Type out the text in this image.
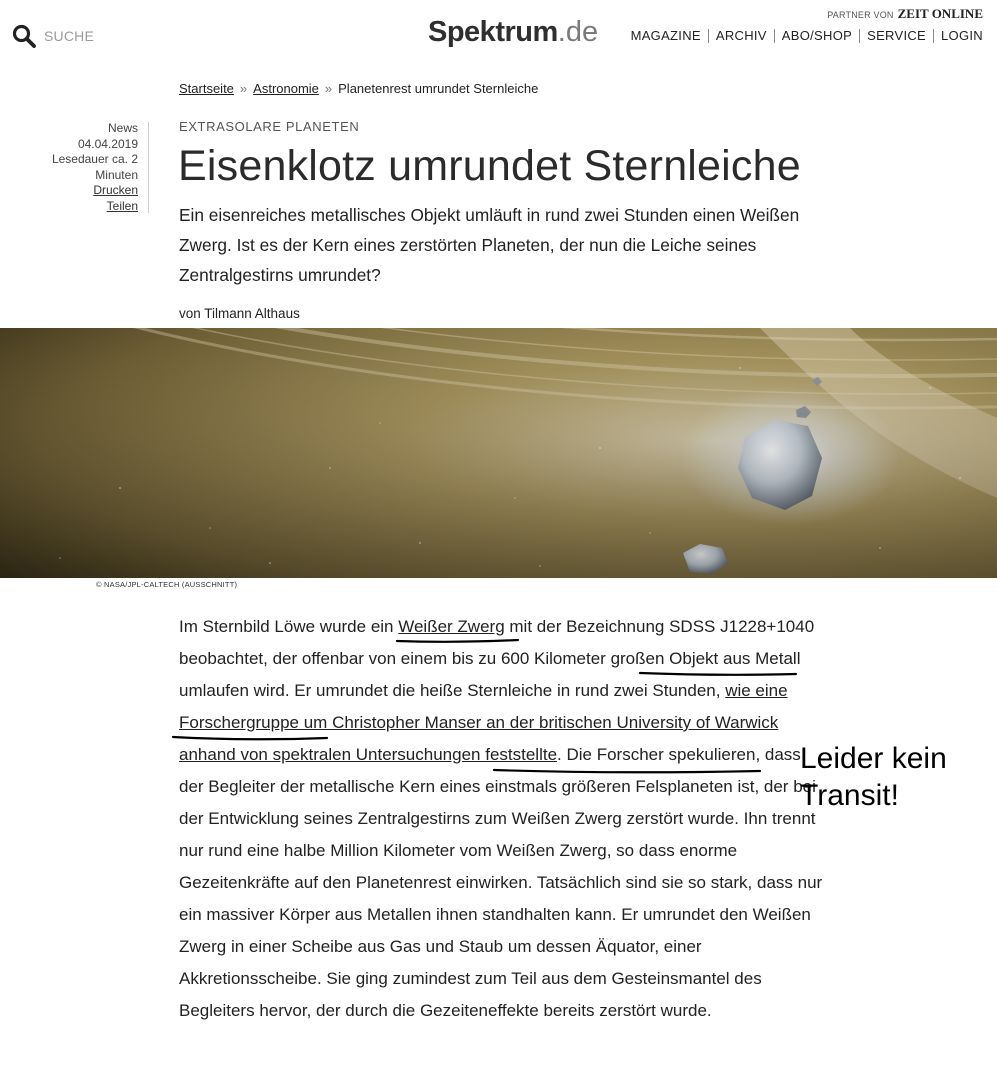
SUCHE	Spektrum.de
PARTNER VON ZEIT ONLINE
MAGAZINE ARCHIV ABO/SHOP SERVICE LOGIN
Startseite » Astronomie » Planetenrest umrundet Sternleiche
News
04.04.2019
Lesedauer ca. 2 Minuten
Drucken
Teilen
EXTRASOLARE PLANETEN
Eisenklotz umrundet Sternleiche

Ein eisenreiches metallisches Objekt umläuft in rund zwei Stunden einen Weißen Zwerg. Ist es der Kern eines zerstörten Planeten, der nun die Leiche seines Zentralgestirns umrundet?

von Tilmann Althaus
© NASA/JPL-CALTECH (AUSSCHNITT)

Im Sternbild Löwe wurde ein Weißer Zwerg mit der Bezeichnung SDSS J1228+1040 beobachtet, der offenbar von einem bis zu 600 Kilometer großen Objekt aus Metall umlaufen wird. Er umrundet die heiße Sternleiche in rund zwei Stunden, wie eine Forschergruppe um Christopher Manser an der britischen University of Warwick anhand von spektralen Untersuchungen feststellte. Die Forscher spekulieren, dass der Begleiter der metallische Kern eines einstmals größeren Felsplaneten ist, der bei der Entwicklung seines Zentralgestirns zum Weißen Zwerg zerstört wurde. Ihn trennt nur rund eine halbe Million Kilometer vom Weißen Zwerg, so dass enorme Gezeitenkräfte auf den Planetenrest einwirken. Tatsächlich sind sie so stark, dass nur ein massiver Körper aus Metallen ihnen standhalten kann. Er umrundet den Weißen Zwerg in einer Scheibe aus Gas und Staub um dessen Äquator, einer Akkretionsscheibe. Sie ging zumindest zum Teil aus dem Gesteinsmantel des Begleiters hervor, der durch die Gezeiteneffekte bereits zerstört wurde.

Leider kein Transit!
